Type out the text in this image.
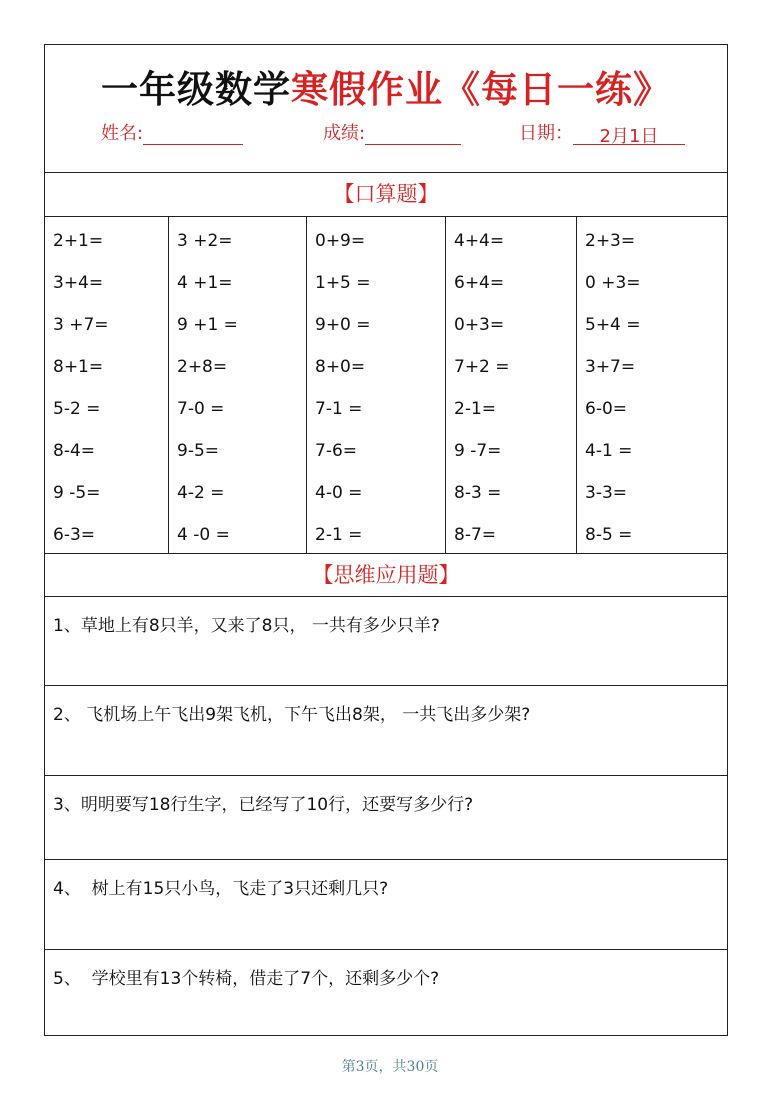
一年级数学寒假作业《每日一练》
姓名:	成绩:	日期： 2月1日
【口算题】
2+1=
3+4=
3 +7=
8+1=
5-2 =
8-4=
9 -5=
6-3=
3 +2=
4 +1=
9 +1 =
2+8=
7-0 =
9-5=
4-2 =
4 -0 =
0+9=
1+5 =
9+0 =
8+0=
7-1 =
7-6=
4-0 =
2-1 =
4+4=
6+4=
0+3=
7+2 =
2-1=
9 -7=
8-3 =
8-7=
2+3=
0 +3=
5+4 =
3+7=
6-0=
4-1 =
3-3=
8-5 =
【思维应用题】
1、草地上有8只羊，又来了8只， 一共有多少只羊?
2、 飞机场上午飞出9架飞机，下午飞出8架， 一共飞出多少架?
3、明明要写18行生字，已经写了10行，还要写多少行?
4、  树上有15只小鸟，飞走了3只还剩几只?
5、  学校里有13个转椅，借走了7个，还剩多少个?
第3页，共30页
